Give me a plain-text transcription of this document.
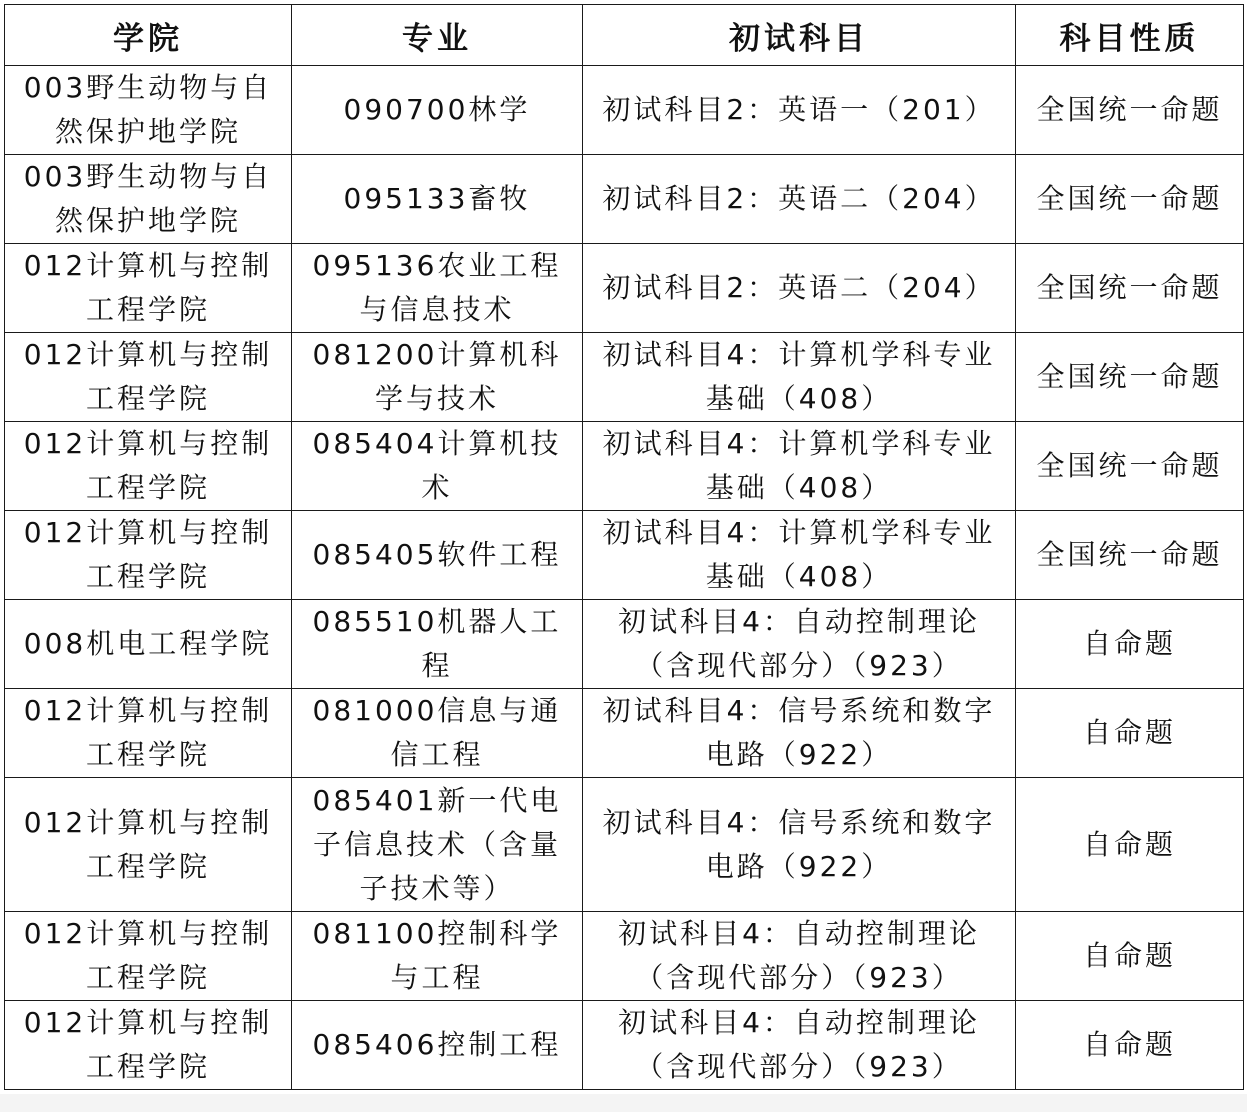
学院	专业	初试科目	科目性质
003野生动物与自然保护地学院	090700林学	初试科目2：英语一（201）	全国统一命题
003野生动物与自然保护地学院	095133畜牧	初试科目2：英语二（204）	全国统一命题
012计算机与控制工程学院	095136农业工程与信息技术	初试科目2：英语二（204）	全国统一命题
012计算机与控制工程学院	081200计算机科学与技术	初试科目4：计算机学科专业基础（408）	全国统一命题
012计算机与控制工程学院	085404计算机技术	初试科目4：计算机学科专业基础（408）	全国统一命题
012计算机与控制工程学院	085405软件工程	初试科目4：计算机学科专业基础（408）	全国统一命题
008机电工程学院	085510机器人工程	初试科目4：自动控制理论（含现代部分）（923）	自命题
012计算机与控制工程学院	081000信息与通信工程	初试科目4：信号系统和数字电路（922）	自命题
012计算机与控制工程学院	085401新一代电子信息技术（含量子技术等）	初试科目4：信号系统和数字电路（922）	自命题
012计算机与控制工程学院	081100控制科学与工程	初试科目4：自动控制理论（含现代部分）（923）	自命题
012计算机与控制工程学院	085406控制工程	初试科目4：自动控制理论（含现代部分）（923）	自命题
